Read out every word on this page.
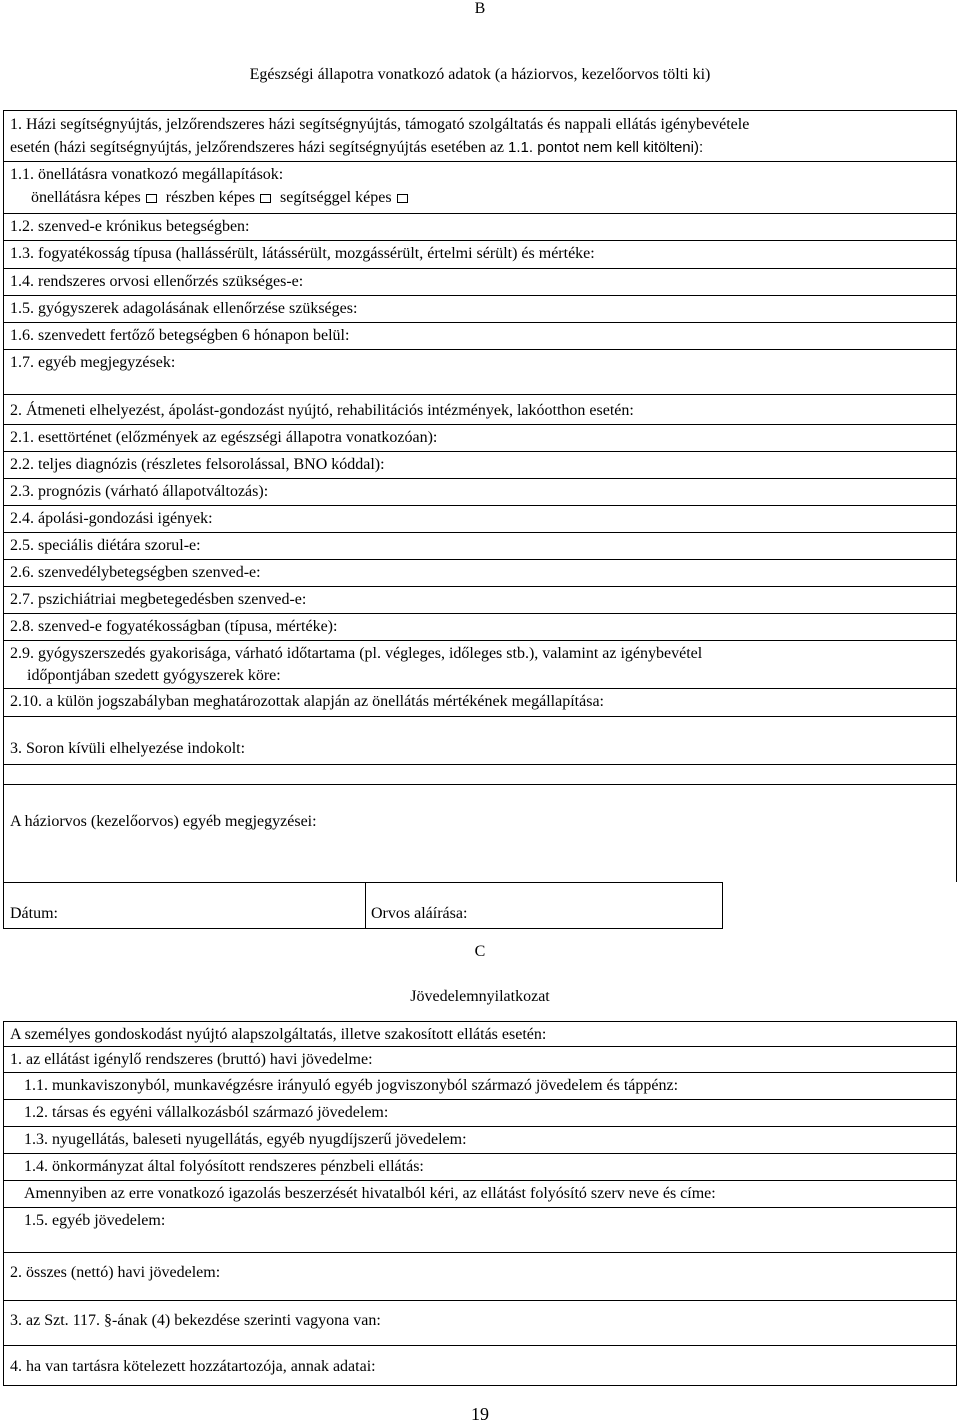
B
Egészségi állapotra vonatkozó adatok (a háziorvos, kezelőorvos tölti ki)
1. Házi segítségnyújtás, jelzőrendszeres házi segítségnyújtás, támogató szolgáltatás és nappali ellátás igénybevétele
esetén (házi segítségnyújtás, jelzőrendszeres házi segítségnyújtás esetében az 1.1. pontot nem kell kitölteni):
1.1. önellátásra vonatkozó megállapítások:
önellátásra képes részben képes segítséggel képes
1.2. szenved-e krónikus betegségben:
1.3. fogyatékosság típusa (hallássérült, látássérült, mozgássérült, értelmi sérült) és mértéke:
1.4. rendszeres orvosi ellenőrzés szükséges-e:
1.5. gyógyszerek adagolásának ellenőrzése szükséges:
1.6. szenvedett fertőző betegségben 6 hónapon belül:
1.7. egyéb megjegyzések:
2. Átmeneti elhelyezést, ápolást-gondozást nyújtó, rehabilitációs intézmények, lakóotthon esetén:
2.1. esettörténet (előzmények az egészségi állapotra vonatkozóan):
2.2. teljes diagnózis (részletes felsorolással, BNO kóddal):
2.3. prognózis (várható állapotváltozás):
2.4. ápolási-gondozási igények:
2.5. speciális diétára szorul-e:
2.6. szenvedélybetegségben szenved-e:
2.7. pszichiátriai megbetegedésben szenved-e:
2.8. szenved-e fogyatékosságban (típusa, mértéke):
2.9. gyógyszerszedés gyakorisága, várható időtartama (pl. végleges, időleges stb.), valamint az igénybevétel
időpontjában szedett gyógyszerek köre:
2.10. a külön jogszabályban meghatározottak alapján az önellátás mértékének megállapítása:
3. Soron kívüli elhelyezése indokolt:
A háziorvos (kezelőorvos) egyéb megjegyzései:
Dátum:	Orvos aláírása:
C
Jövedelemnyilatkozat
A személyes gondoskodást nyújtó alapszolgáltatás, illetve szakosított ellátás esetén:
1. az ellátást igénylő rendszeres (bruttó) havi jövedelme:
1.1. munkaviszonyból, munkavégzésre irányuló egyéb jogviszonyból származó jövedelem és táppénz:
1.2. társas és egyéni vállalkozásból származó jövedelem:
1.3. nyugellátás, baleseti nyugellátás, egyéb nyugdíjszerű jövedelem:
1.4. önkormányzat által folyósított rendszeres pénzbeli ellátás:
Amennyiben az erre vonatkozó igazolás beszerzését hivatalból kéri, az ellátást folyósító szerv neve és címe:
1.5. egyéb jövedelem:
2. összes (nettó) havi jövedelem:
3. az Szt. 117. §-ának (4) bekezdése szerinti vagyona van:
4. ha van tartásra kötelezett hozzátartozója, annak adatai:
19
